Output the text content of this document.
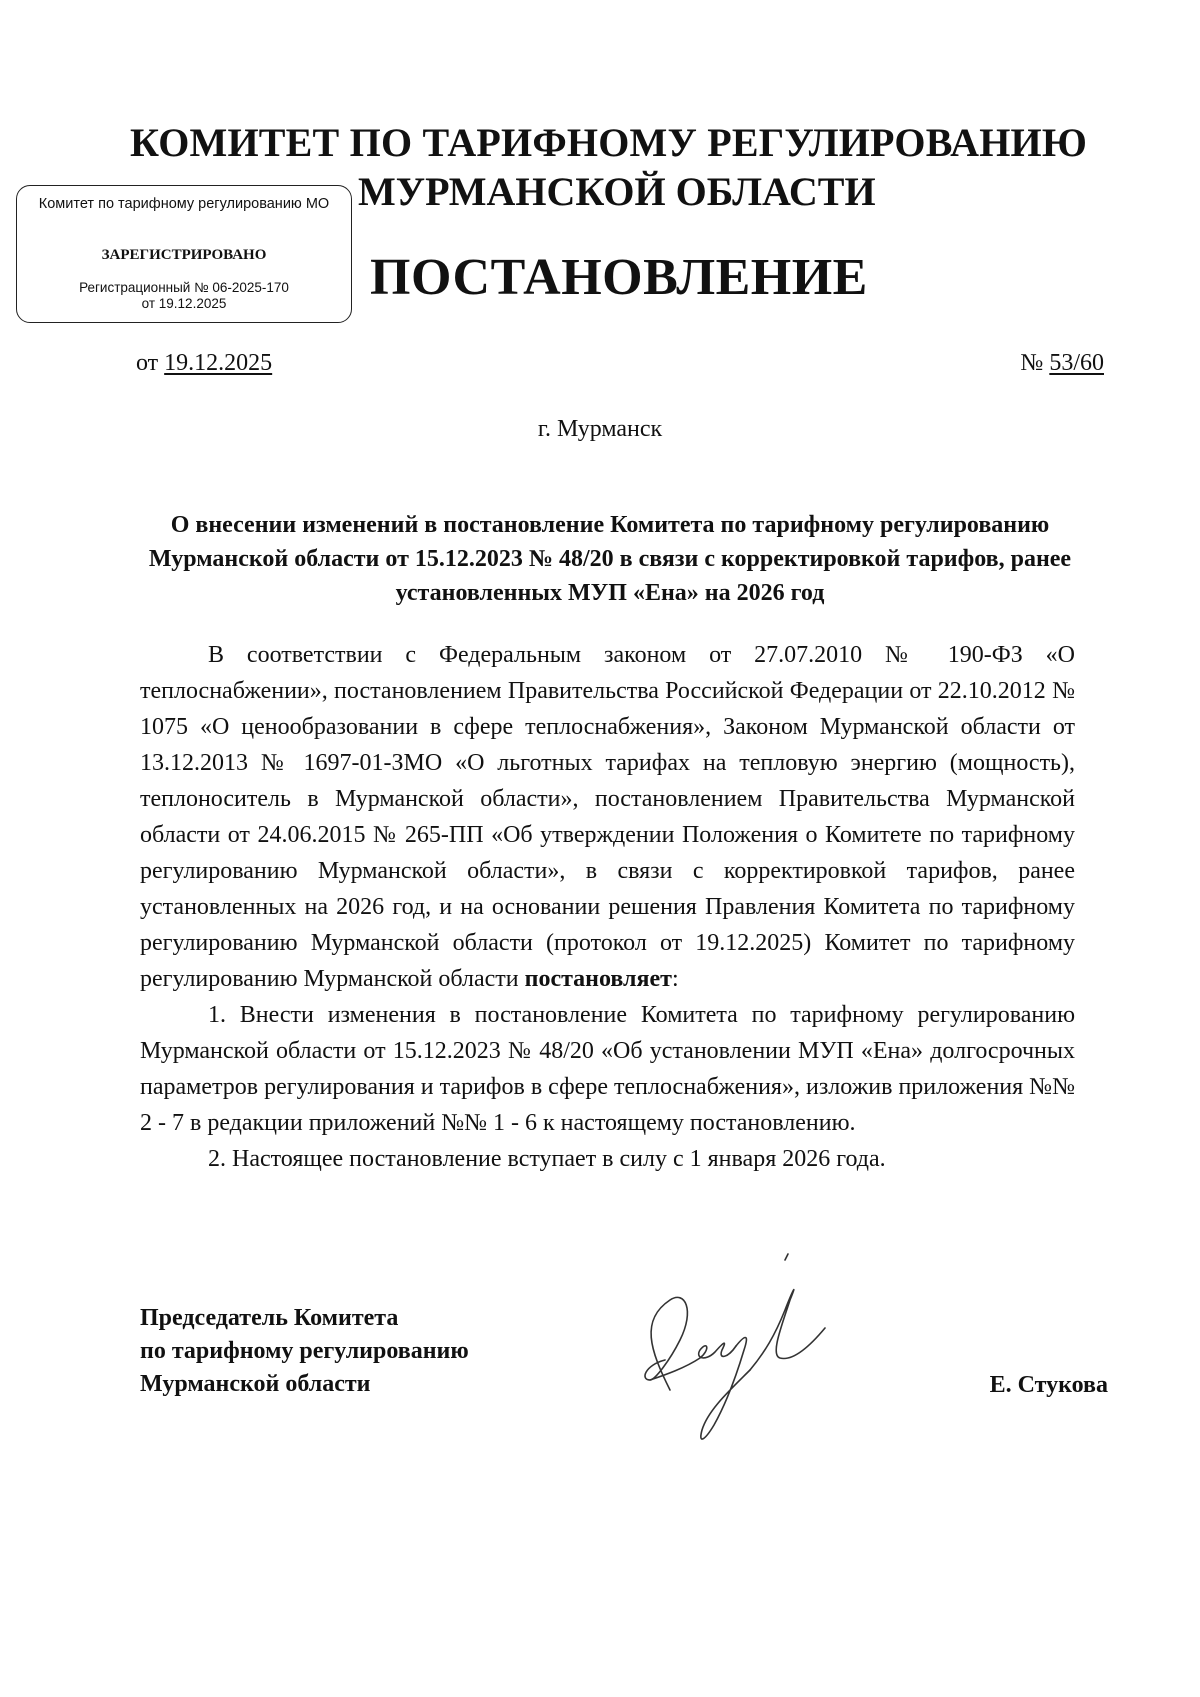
КОМИТЕТ ПО ТАРИФНОМУ РЕГУЛИРОВАНИЮ
МУРМАНСКОЙ ОБЛАСТИ
ПОСТАНОВЛЕНИЕ
Комитет по тарифному регулированию МО
ЗАРЕГИСТРИРОВАНО
Регистрационный № 06-2025-170
от 19.12.2025
от 19.12.2025	№ 53/60
г. Мурманск
О внесении изменений в постановление Комитета по тарифному регулированию Мурманской области от 15.12.2023 № 48/20 в связи с корректировкой тарифов, ранее установленных МУП «Ена» на 2026 год

В соответствии с Федеральным законом от 27.07.2010 № 190-ФЗ «О теплоснабжении», постановлением Правительства Российской Федерации от 22.10.2012 № 1075 «О ценообразовании в сфере теплоснабжения», Законом Мурманской области от 13.12.2013 № 1697-01-ЗМО «О льготных тарифах на тепловую энергию (мощность), теплоноситель в Мурманской области», постановлением Правительства Мурманской области от 24.06.2015 № 265-ПП «Об утверждении Положения о Комитете по тарифному регулированию Мурманской области», в связи с корректировкой тарифов, ранее установленных на 2026 год, и на основании решения Правления Комитета по тарифному регулированию Мурманской области (протокол от 19.12.2025) Комитет по тарифному регулированию Мурманской области постановляет:

1. Внести изменения в постановление Комитета по тарифному регулированию Мурманской области от 15.12.2023 № 48/20 «Об установлении МУП «Ена» долгосрочных параметров регулирования и тарифов в сфере теплоснабжения», изложив приложения №№ 2 - 7 в редакции приложений №№ 1 - 6 к настоящему постановлению.

2. Настоящее постановление вступает в силу с 1 января 2026 года.

Председатель Комитета
по тарифному регулированию
Мурманской области	Е. Стукова
